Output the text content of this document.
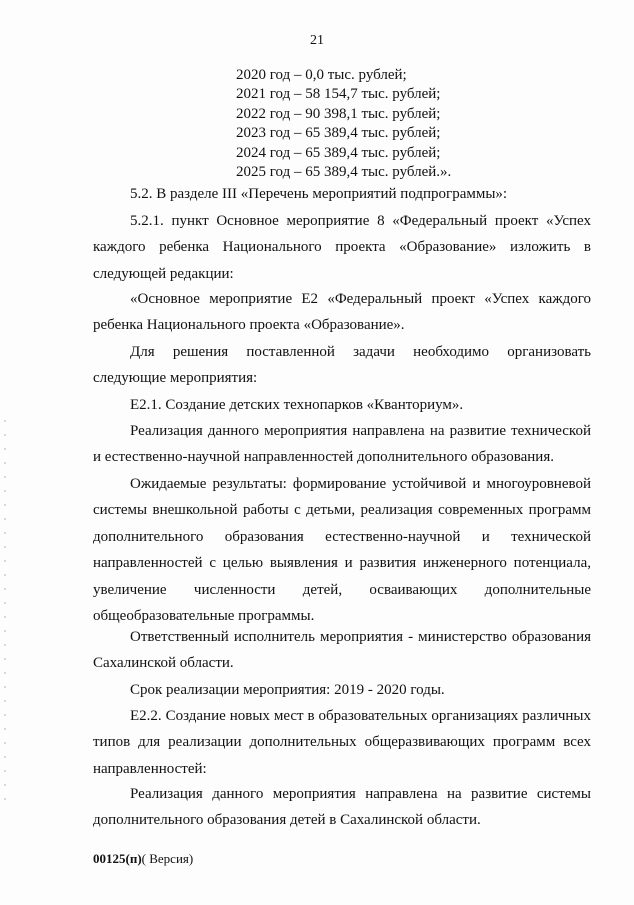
21
2020 год – 0,0 тыс. рублей;
2021 год – 58 154,7 тыс. рублей;
2022 год – 90 398,1 тыс. рублей;
2023 год – 65 389,4 тыс. рублей;
2024 год – 65 389,4 тыс. рублей;
2025 год – 65 389,4 тыс. рублей.».

5.2. В разделе III «Перечень мероприятий подпрограммы»:

5.2.1. пункт Основное мероприятие 8 «Федеральный проект «Успех каждого ребенка Национального проекта «Образование» изложить в следующей редакции:

«Основное мероприятие Е2 «Федеральный проект «Успех каждого ребенка Национального проекта «Образование».

Для решения поставленной задачи необходимо организовать следующие мероприятия:

Е2.1. Создание детских технопарков «Кванториум».

Реализация данного мероприятия направлена на развитие технической и естественно-научной направленностей дополнительного образования.

Ожидаемые результаты: формирование устойчивой и многоуровневой системы внешкольной работы с детьми, реализация современных программ дополнительного образования естественно-научной и технической направленностей с целью выявления и развития инженерного потенциала, увеличение численности детей, осваивающих дополнительные общеобразовательные программы.

Ответственный исполнитель мероприятия - министерство образования Сахалинской области.

Срок реализации мероприятия: 2019 - 2020 годы.

Е2.2. Создание новых мест в образовательных организациях различных типов для реализации дополнительных общеразвивающих программ всех направленностей:

Реализация данного мероприятия направлена на развитие системы дополнительного образования детей в Сахалинской области.

00125(п)( Версия)
